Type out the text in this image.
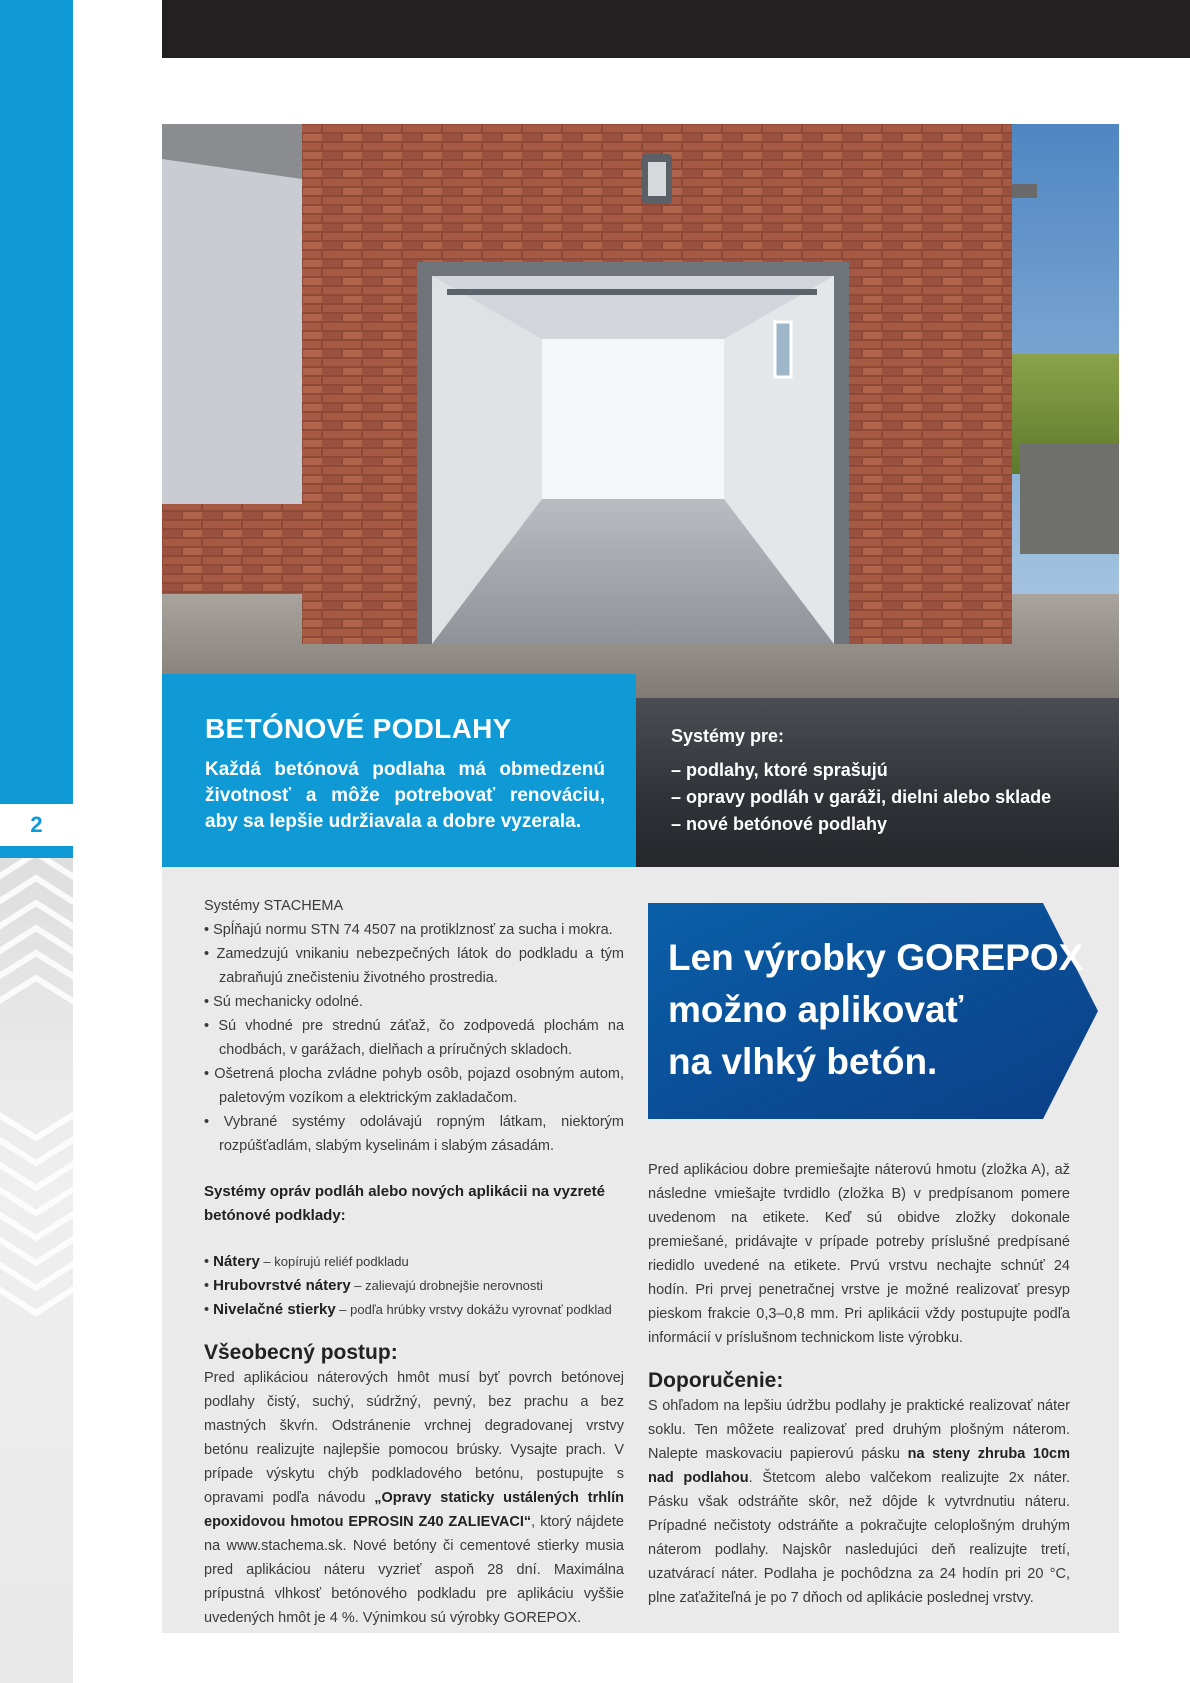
2
BETÓNOVÉ PODLAHY

Každá betónová podlaha má obmedzenú životnosť a môže potrebovať renováciu, aby sa lepšie udržiavala a dobre vyzerala.

Systémy pre:
– podlahy, ktoré sprašujú
– opravy podláh v garáži, dielni alebo sklade
– nové betónové podlahy

Systémy STACHEMA

• Spĺňajú normu STN 74 4507 na protiklznosť za sucha i mokra.
• Zamedzujú vnikaniu nebezpečných látok do podkladu a tým zabraňujú znečisteniu životného prostredia.
• Sú mechanicky odolné.
• Sú vhodné pre strednú záťaž, čo zodpovedá plochám na chodbách, v garážach, dielňach a príručných skladoch.
• Ošetrená plocha zvládne pohyb osôb, pojazd osobným autom, paletovým vozíkom a elektrickým zakladačom.
• Vybrané systémy odolávajú ropným látkam, niektorým rozpúšťadlám, slabým kyselinám i slabým zásadám.

Systémy opráv podláh alebo nových aplikácii na vyzreté betónové podklady:

• Nátery – kopírujú reliéf podkladu
• Hrubovrstvé nátery – zalievajú drobnejšie nerovnosti
• Nivelačné stierky – podľa hrúbky vrstvy dokážu vyrovnať podklad
Všeobecný postup:

Pred aplikáciou náterových hmôt musí byť povrch betónovej podlahy čistý, suchý, súdržný, pevný, bez prachu a bez mastných škvŕn. Odstránenie vrchnej degradovanej vrstvy betónu realizujte najlepšie pomocou brúsky. Vysajte prach. V prípade výskytu chýb podkladového betónu, postupujte s opravami podľa návodu „Opravy staticky ustálených trhlín epoxidovou hmotou EPROSIN Z40 ZALIEVACI“, ktorý nájdete na www.stachema.sk. Nové betóny či cementové stierky musia pred aplikáciou náteru vyzrieť aspoň 28 dní. Maximálna prípustná vlhkosť betónového podkladu pre aplikáciu vyššie uvedených hmôt je 4 %. Výnimkou sú výrobky GOREPOX.

Len výrobky GOREPOX
možno aplikovať
na vlhký betón.

Pred aplikáciou dobre premiešajte náterovú hmotu (zložka A), až následne vmiešajte tvrdidlo (zložka B) v predpísanom pomere uvedenom na etikete. Keď sú obidve zložky dokonale premiešané, pridávajte v prípade potreby príslušné predpísané riedidlo uvedené na etikete. Prvú vrstvu nechajte schnúť 24 hodín. Pri prvej penetračnej vrstve je možné realizovať presyp pieskom frakcie 0,3–0,8 mm. Pri aplikácii vždy postupujte podľa informácií v príslušnom technickom liste výrobku.

Doporučenie:

S ohľadom na lepšiu údržbu podlahy je praktické realizovať náter soklu. Ten môžete realizovať pred druhým plošným náterom. Nalepte maskovaciu papierovú pásku na steny zhruba 10cm nad podlahou. Štetcom alebo valčekom realizujte 2x náter. Pásku však odstráňte skôr, než dôjde k vytvrdnutiu náteru. Prípadné nečistoty odstráňte a pokračujte celoplošným druhým náterom podlahy. Najskôr nasledujúci deň realizujte tretí, uzatvárací náter. Podlaha je pochôdzna za 24 hodín pri 20 °C, plne zaťažiteľná je po 7 dňoch od aplikácie poslednej vrstvy.
